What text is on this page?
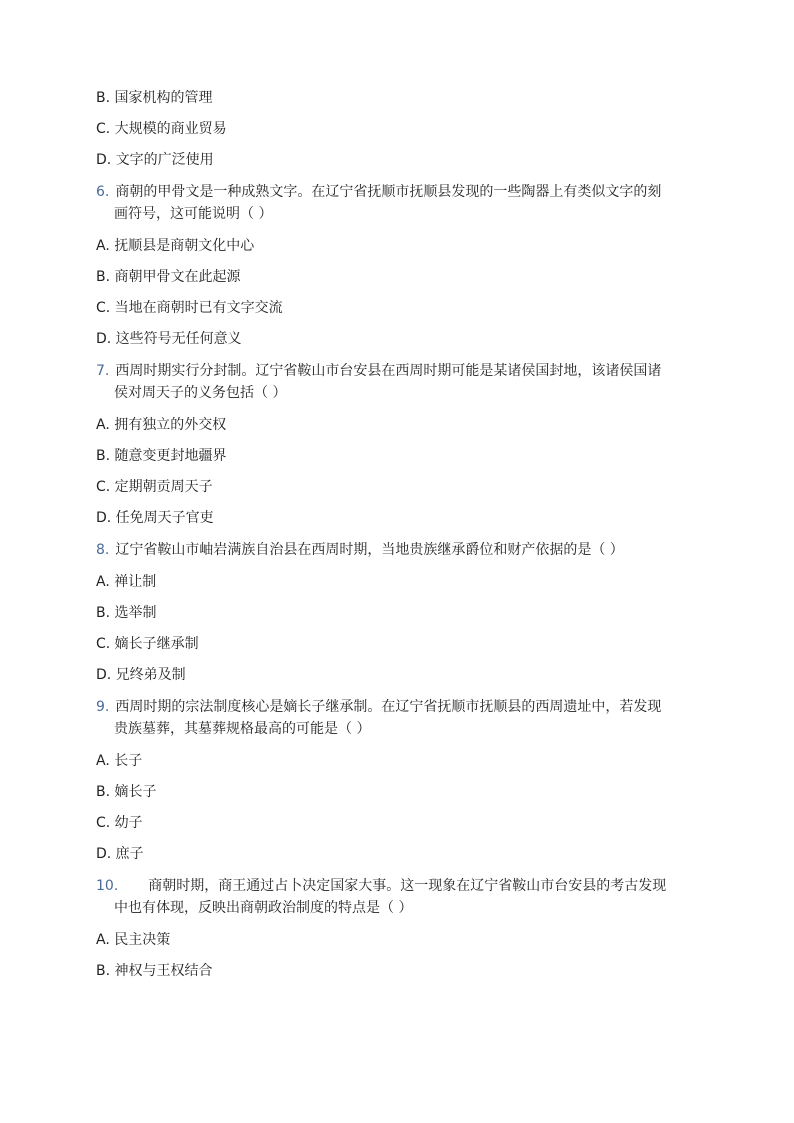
B. 国家机构的管理
C. 大规模的商业贸易
D. 文字的广泛使用
6. 商朝的甲骨文是一种成熟文字。在辽宁省抚顺市抚顺县发现的一些陶器上有类似文字的刻
画符号，这可能说明（ ）
A. 抚顺县是商朝文化中心
B. 商朝甲骨文在此起源
C. 当地在商朝时已有文字交流
D. 这些符号无任何意义
7. 西周时期实行分封制。辽宁省鞍山市台安县在西周时期可能是某诸侯国封地，该诸侯国诸
侯对周天子的义务包括（ ）
A. 拥有独立的外交权
B. 随意变更封地疆界
C. 定期朝贡周天子
D. 任免周天子官吏
8. 辽宁省鞍山市岫岩满族自治县在西周时期，当地贵族继承爵位和财产依据的是（ ）
A. 禅让制
B. 选举制
C. 嫡长子继承制
D. 兄终弟及制
9. 西周时期的宗法制度核心是嫡长子继承制。在辽宁省抚顺市抚顺县的西周遗址中，若发现
贵族墓葬，其墓葬规格最高的可能是（ ）
A. 长子
B. 嫡长子
C. 幼子
D. 庶子
10. 商朝时期，商王通过占卜决定国家大事。这一现象在辽宁省鞍山市台安县的考古发现
中也有体现，反映出商朝政治制度的特点是（ ）
A. 民主决策
B. 神权与王权结合
